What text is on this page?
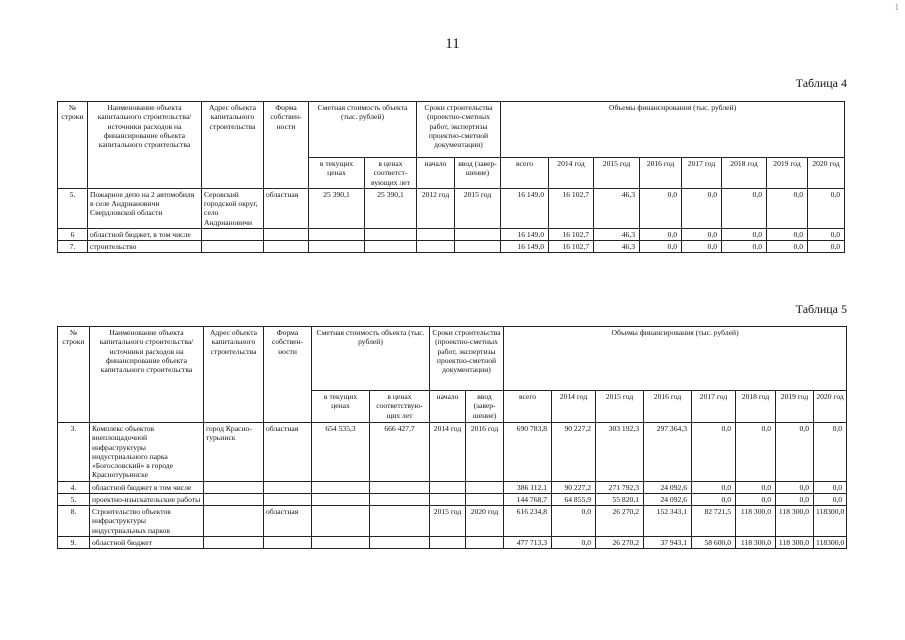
1
11
Таблица 4
№ строки	Наименование объекта капитального строительства/ источники расходов на финансирование объекта капитального строительства	Адрес объекта капитального строительства	Форма собствен-ности	Сметная стоимость объекта (тыс. рублей)		Сроки строительства (проектно-сметных работ, экспертизы проектно-сметной документации)		Объемы финансирования (тыс. рублей)							
				в текущих ценах	в ценах соответст-вующих лет	начало	ввод (завер-шение)	всего	2014 год	2015 год	2016 год	2017 год	2018 год	2019 год	2020 год
5.	Пожарное депо на 2 автомобиля в селе Андриановичи Свердловской области	Серовский городской округ, село Андриановичи	областная	25 390,1	25 390,1	2012 год	2015 год	16 149,0	16 102,7	46,3	0,0	0,0	0,0	0,0	0,0
6	областной бюджет, в том числе							16 149,0	16 102,7	46,3	0,0	0,0	0,0	0,0	0,0
7.	строительство							16 149,0	16 102,7	46,3	0,0	0,0	0,0	0,0	0,0
Таблица 5
№ строки	Наименование объекта капитального строительства/ источники расходов на финансирование объекта капитального строительства	Адрес объекта капитального строительства	Форма собствен-ности	Сметная стоимость объекта (тыс. рублей)		Сроки строительства (проектно-сметных работ, экспертизы проектно-сметной документации)		Объемы финансирования (тыс. рублей)							
				в текущих ценах	в ценах соответствую-щих лет	начало	ввод (завер-шение)	всего	2014 год	2015 год	2016 год	2017 год	2018 год	2019 год	2020 год
3.	Комплекс объектов внеплощадочной инфраструктуры индустриального парка «Богословский» в городе Краснотурьинске	город Красно-турьинск	областная	654 535,3	666 427,7	2014 год	2016 год	690 783,8	90 227,2	303 192,3	297 364,3	0,0	0,0	0,0	0,0
4.	областной бюджет в том числе							386 112,1	90 227,2	271 792,3	24 092,6	0,0	0,0	0,0	0,0
5.	проектно-изыскательские работы							144 768,7	64 855,9	55 820,1	24 092,6	0,0	0,0	0,0	0,0
8.	Строительство объектов инфраструктуры индустриальных парков		областная			2015 год	2020 год	616 234,8	0,0	26 270,2	152 343,1	82 721,5	118 300,0	118 300,0	118300,0
9.	областной бюджет							477 713,3	0,0	26 270,2	37 943,1	58 600,0	118 300,0	118 300,0	118300,0
